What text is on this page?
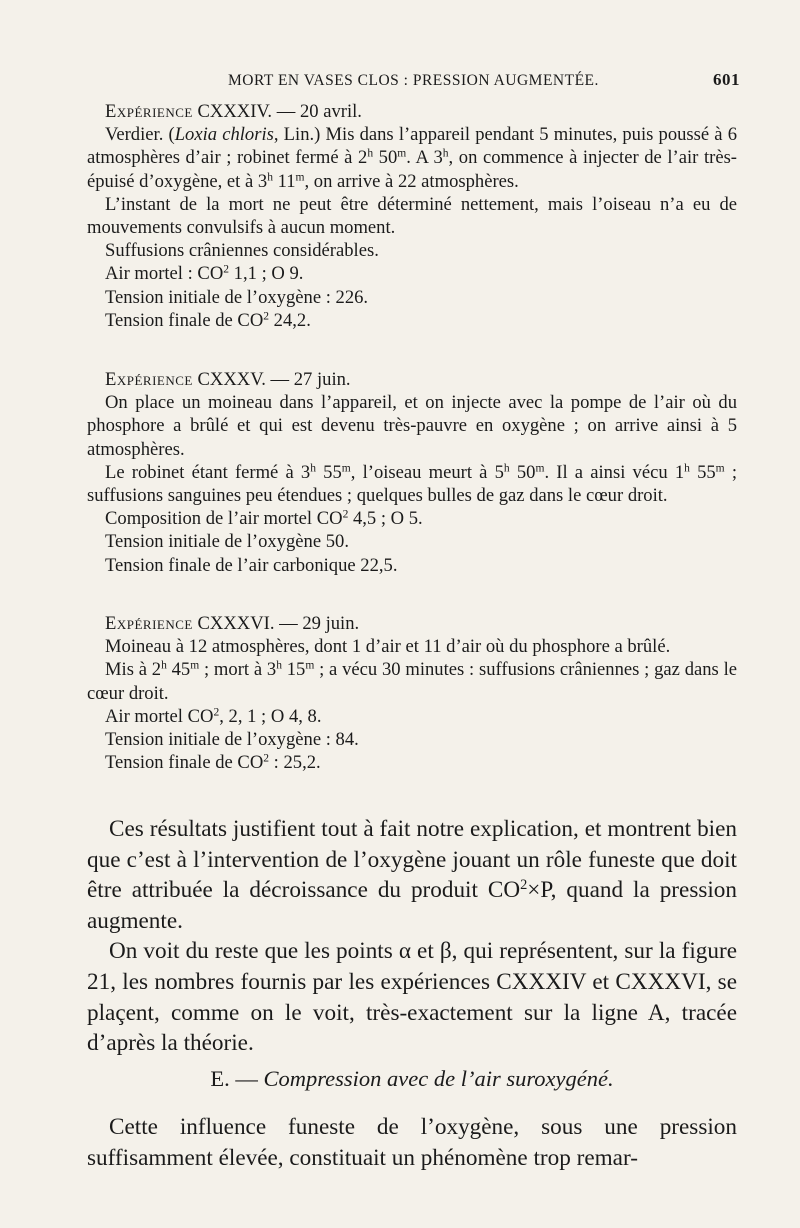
MORT EN VASES CLOS : PRESSION AUGMENTÉE.	601

Expérience CXXXIV. — 20 avril.

Verdier. (Loxia chloris, Lin.) Mis dans l’appareil pendant 5 minutes, puis poussé à 6 atmosphères d’air ; robinet fermé à 2$^h$ 50$^m$. A 3$^h$, on commence à injecter de l’air très-épuisé d’oxygène, et à 3$^h$ 11$^m$, on arrive à 22 atmosphères.

L’instant de la mort ne peut être déterminé nettement, mais l’oiseau n’a eu de mouvements convulsifs à aucun moment.

Suffusions crâniennes considérables.

Air mortel : $CO^2$ 1,1 ; O 9.

Tension initiale de l’oxygène : 226.

Tension finale de $CO^2$ 24,2.

Expérience CXXXV. — 27 juin.

On place un moineau dans l’appareil, et on injecte avec la pompe de l’air où du phosphore a brûlé et qui est devenu très-pauvre en oxygène ; on arrive ainsi à 5 atmosphères.

Le robinet étant fermé à 3$^h$ 55$^m$, l’oiseau meurt à 5$^h$ 50$^m$. Il a ainsi vécu 1$^h$ 55$^m$ ; suffusions sanguines peu étendues ; quelques bulles de gaz dans le cœur droit.

Composition de l’air mortel $CO^2$ 4,5 ; O 5.

Tension initiale de l’oxygène 50.

Tension finale de l’air carbonique 22,5.

Expérience CXXXVI. — 29 juin.

Moineau à 12 atmosphères, dont 1 d’air et 11 d’air où du phosphore a brûlé.

Mis à 2$^h$ 45$^m$ ; mort à 3$^h$ 15$^m$ ; a vécu 30 minutes : suffusions crâniennes ; gaz dans le cœur droit.

Air mortel $CO^2$, 2, 1 ; O 4, 8.

Tension initiale de l’oxygène : 84.

Tension finale de $CO^2$ : 25,2.

Ces résultats justifient tout à fait notre explication, et montrent bien que c’est à l’intervention de l’oxygène jouant un rôle funeste que doit être attribuée la décroissance du produit $CO^2\times P$, quand la pression augmente.

On voit du reste que les points α et β, qui représentent, sur la figure 21, les nombres fournis par les expériences CXXXIV et CXXXVI, se plaçent, comme on le voit, très-exactement sur la ligne A, tracée d’après la théorie.

E. — Compression avec de l’air suroxygéné.

Cette influence funeste de l’oxygène, sous une pression suffisamment élevée, constituait un phénomène trop remar-
